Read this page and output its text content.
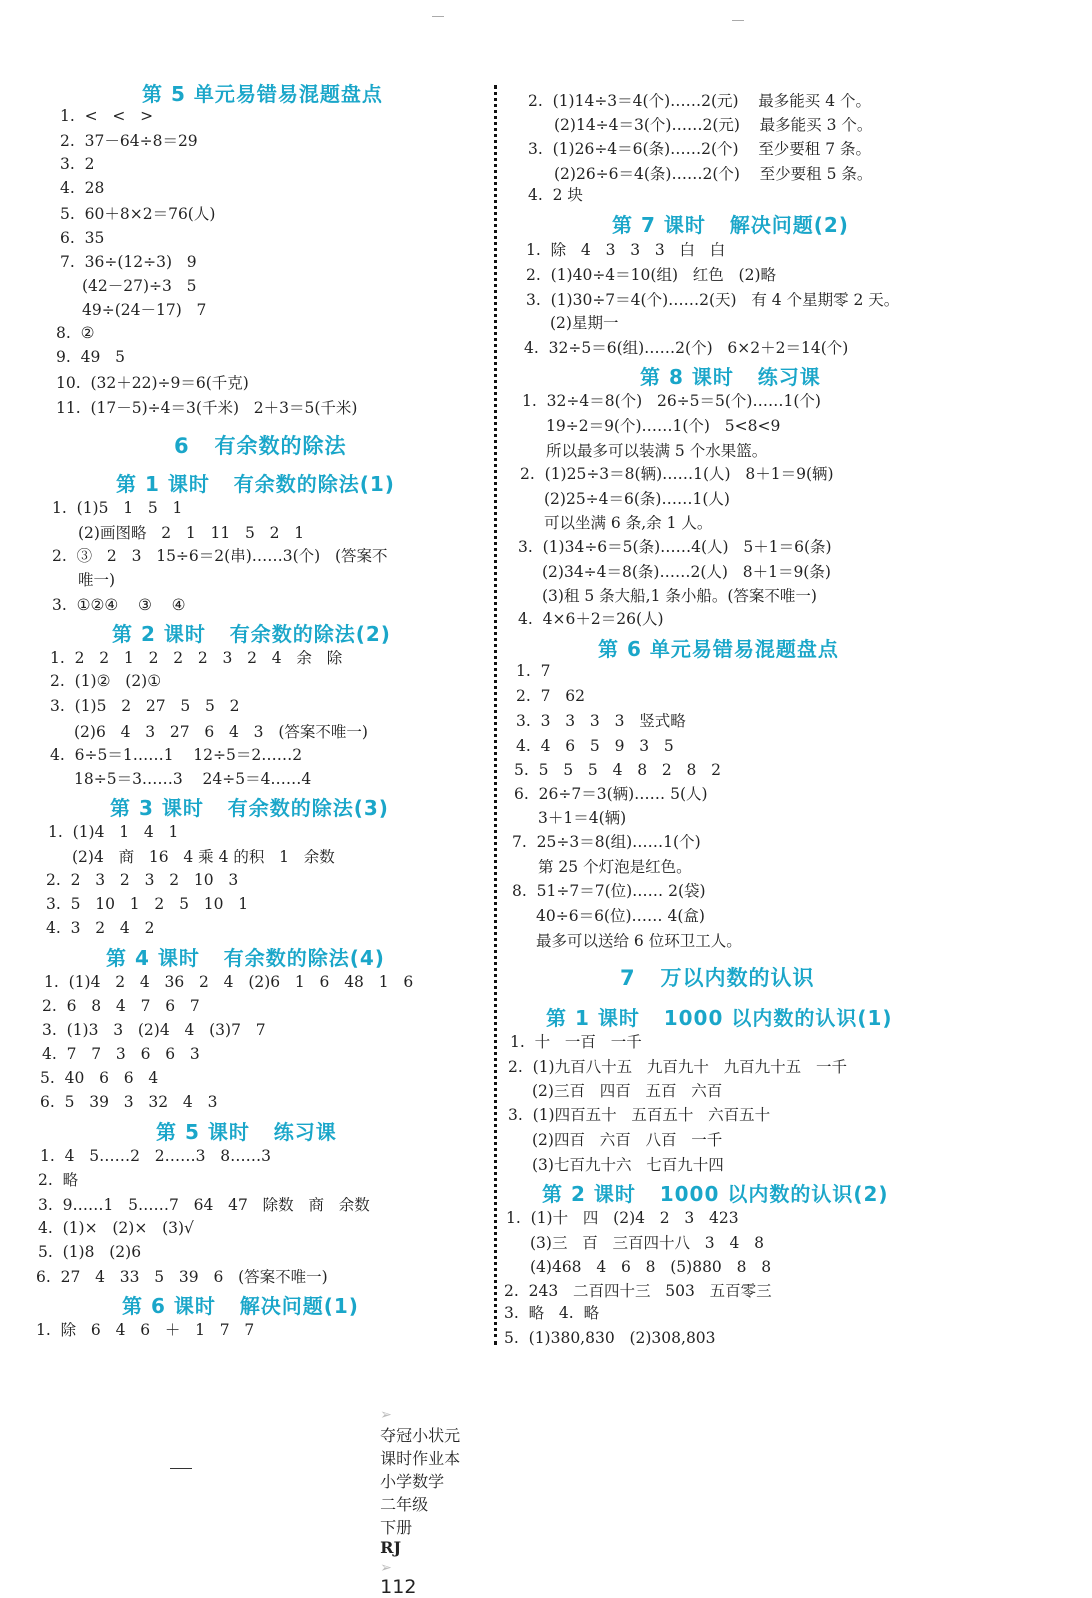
第 5 单元易错易混题盘点
1.  <   <   >
2.  37－64÷8＝29
3.  2
4.  28
5.  60＋8×2＝76(人)
6.  35
7.  36÷(12÷3)   9
(42－27)÷3   5
49÷(24－17)   7
8.  ②
9.  49   5
10.  (32＋22)÷9＝6(千克)
11.  (17－5)÷4＝3(千米)   2＋3＝5(千米)
6   有余数的除法
第 1 课时   有余数的除法(1)
1.  (1)5   1   5   1
(2)画图略   2   1   11   5   2   1
2.  ③   2   3   15÷6＝2(串)……3(个)   (答案不
唯一)
3.  ①②④    ③    ④
第 2 课时   有余数的除法(2)
1.  2   2   1   2   2   2   3   2   4   余   除
2.  (1)②   (2)①
3.  (1)5   2   27   5   5   2
(2)6   4   3   27   6   4   3   (答案不唯一)
4.  6÷5＝1……1    12÷5＝2……2
18÷5＝3……3    24÷5＝4……4
第 3 课时   有余数的除法(3)
1.  (1)4   1   4   1
(2)4   商   16   4 乘 4 的积   1   余数
2.  2   3   2   3   2   10   3
3.  5   10   1   2   5   10   1
4.  3   2   4   2
第 4 课时   有余数的除法(4)
1.  (1)4   2   4   36   2   4   (2)6   1   6   48   1   6
2.  6   8   4   7   6   7
3.  (1)3   3   (2)4   4   (3)7   7
4.  7   7   3   6   6   3
5.  40   6   6   4
6.  5   39   3   32   4   3
第 5 课时   练习课
1.  4   5……2   2……3   8……3
2.  略
3.  9……1   5……7   64   47   除数   商   余数
4.  (1)×   (2)×   (3)√
5.  (1)8   (2)6
6.  27   4   33   5   39   6   (答案不唯一)
第 6 课时   解决问题(1)
1.  除   6   4   6   ＋   1   7   7
2.  (1)14÷3＝4(个)……2(元)    最多能买 4 个。
(2)14÷4＝3(个)……2(元)    最多能买 3 个。
3.  (1)26÷4＝6(条)……2(个)    至少要租 7 条。
(2)26÷6＝4(条)……2(个)    至少要租 5 条。
4.  2 块
第 7 课时   解决问题(2)
1.  除   4   3   3   3   白   白
2.  (1)40÷4＝10(组)   红色   (2)略
3.  (1)30÷7＝4(个)……2(天)   有 4 个星期零 2 天。
(2)星期一
4.  32÷5＝6(组)……2(个)   6×2＋2＝14(个)
第 8 课时   练习课
1.  32÷4＝8(个)   26÷5＝5(个)……1(个)
19÷2＝9(个)……1(个)   5<8<9
所以最多可以装满 5 个水果篮。
2.  (1)25÷3＝8(辆)……1(人)   8＋1＝9(辆)
(2)25÷4＝6(条)……1(人)
可以坐满 6 条,余 1 人。
3.  (1)34÷6＝5(条)……4(人)   5＋1＝6(条)
(2)34÷4＝8(条)……2(人)   8＋1＝9(条)
(3)租 5 条大船,1 条小船。(答案不唯一)
4.  4×6＋2＝26(人)
第 6 单元易错易混题盘点
1.  7
2.  7   62
3.  3   3   3   3   竖式略
4.  4   6   5   9   3   5
5.  5   5   5   4   8   2   8   2
6.  26÷7＝3(辆)…… 5(人)
3＋1＝4(辆)
7.  25÷3＝8(组)……1(个)
第 25 个灯泡是红色。
8.  51÷7＝7(位)…… 2(袋)
40÷6＝6(位)…… 4(盒)
最多可以送给 6 位环卫工人。
7   万以内数的认识
第 1 课时   1000 以内数的认识(1)
1.  十   一百   一千
2.  (1)九百八十五   九百九十   九百九十五   一千
(2)三百   四百   五百   六百
3.  (1)四百五十   五百五十   六百五十
(2)四百   六百   八百   一千
(3)七百九十六   七百九十四
第 2 课时   1000 以内数的认识(2)
1.  (1)十   四   (2)4   2   3   423
(3)三   百   三百四十八   3   4   8
(4)468   4   6   8   (5)880   8   8
2.  243   二百四十三   503   五百零三
3.  略   4.  略
5.  (1)380,830   (2)308,803

➢
夺冠小状元
课时作业本
小学数学
二年级
下册
RJ
➢
112
